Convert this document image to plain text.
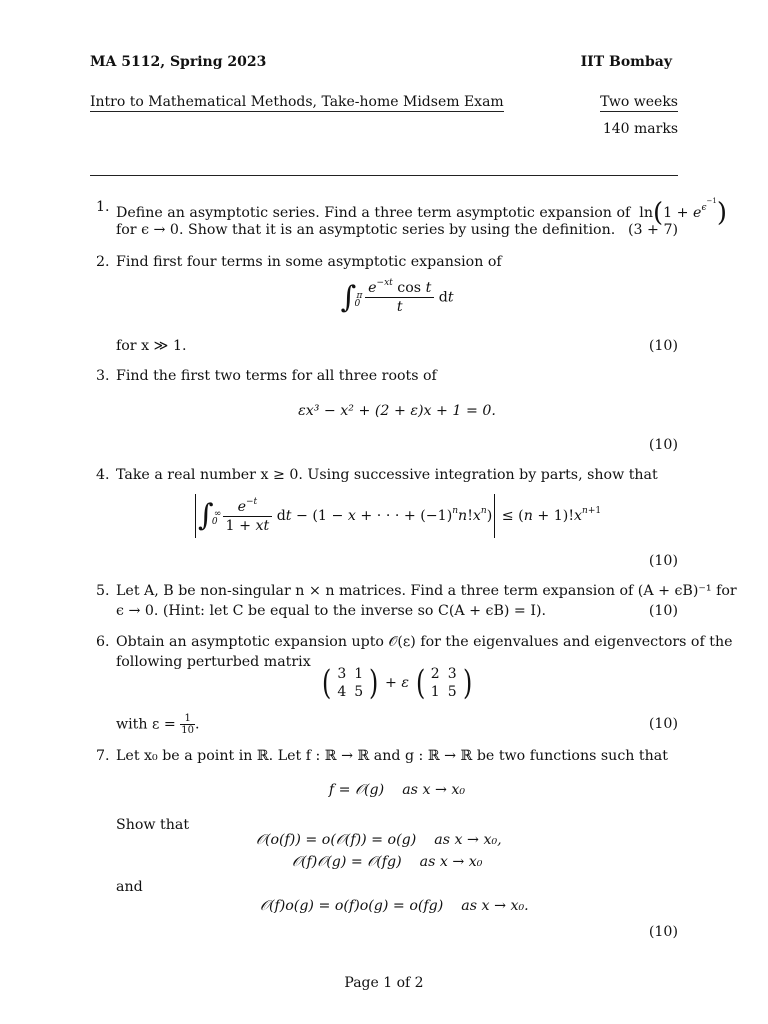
MA 5112, Spring 2023	IIT Bombay
Intro to Mathematical Methods, Take-home Midsem Exam	Two weeks
140 marks
1. Define an asymptotic series. Find a three term asymptotic expansion of  $\ln(1 + e^{\epsilon^{-1}})$
for ϵ → 0. Show that it is an asymptotic series by using the definition. (3 + 7)
2. Find first four terms in some asymptotic expansion of
∫ π
0
$\frac{e^{-xt} \cos t}{t}$ dt
for x ≫ 1.	(10)
3. Find the first two terms for all three roots of
εx³ − x² + (2 + ε)x + 1 = 0.
(10)
4. Take a real number x ≥ 0. Using successive integration by parts, show that
∫ ∞
0
$\frac{e^{-t}}{1 + xt}$ dt − (1 − x + · · · + $(-1)^nn!x^n) \le (n + 1)!x^{n+1}$
(10)
5. Let A, B be non-singular n × n matrices. Find a three term expansion of (A + ϵB)⁻¹ for
ϵ → 0. (Hint: let C be equal to the inverse so C(A + ϵB) = I).	(10)
6. Obtain an asymptotic expansion upto 𝒪(ε) for the eigenvalues and eigenvectors of the
following perturbed matrix
( 3	1
4	5 ) + ε ( 2	3
1	5 )
with $\varepsilon = \frac{1}{10}$ .	(10)
7. Let x₀ be a point in ℝ. Let f : ℝ → ℝ and g : ℝ → ℝ be two functions such that
f = 𝒪(g)    as x → x₀
Show that
𝒪(o(f)) = o(𝒪(f)) = o(g)    as x → x₀,
𝒪(f)𝒪(g) = 𝒪(fg)    as x → x₀
and
𝒪(f)o(g) = o(f)o(g) = o(fg)    as x → x₀.
(10)
Page 1 of 2
